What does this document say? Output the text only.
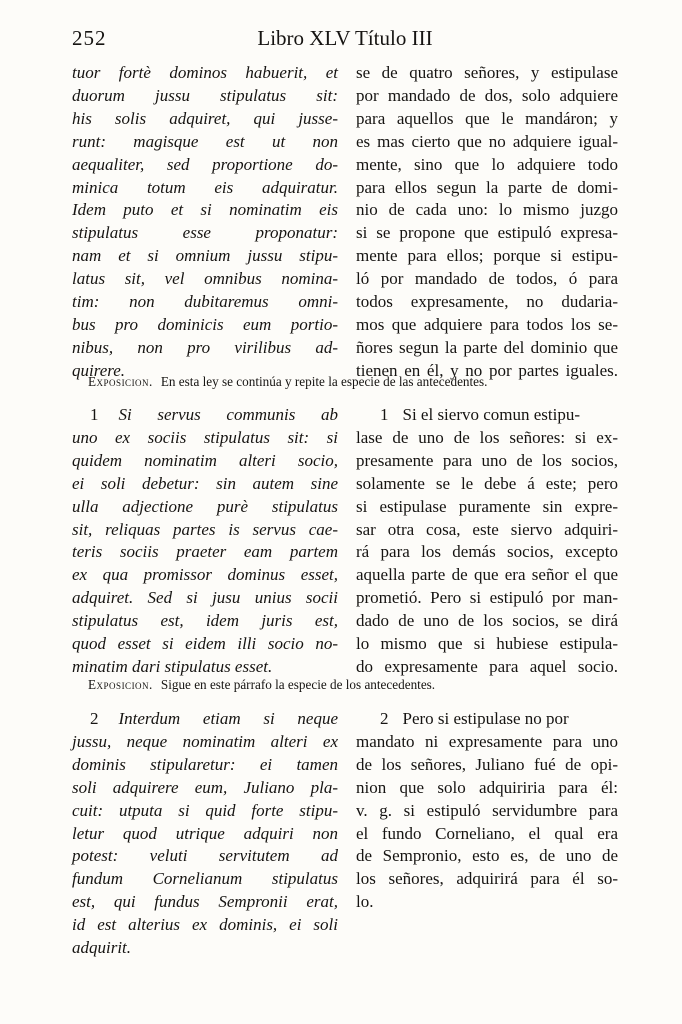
252	Libro XLV Título III
tuor fortè dominos habuerit, et
duorum jussu stipulatus sit:
his solis adquiret, qui jusse-
runt: magisque est ut non
aequaliter, sed proportione do-
minica totum eis adquiratur.
Idem puto et si nominatim eis
stipulatus esse proponatur:
nam et si omnium jussu stipu-
latus sit, vel omnibus nomina-
tim: non dubitaremus omni-
bus pro dominicis eum portio-
nibus, non pro virilibus ad-
quirere.
se de quatro señores, y estipulase
por mandado de dos, solo adquiere
para aquellos que le mandáron; y
es mas cierto que no adquiere igual-
mente, sino que lo adquiere todo
para ellos segun la parte de domi-
nio de cada uno: lo mismo juzgo
si se propone que estipuló expresa-
mente para ellos; porque si estipu-
ló por mandado de todos, ó para
todos expresamente, no dudaria-
mos que adquiere para todos los se-
ñores segun la parte del dominio que
tienen en él, y no por partes iguales.
Exposicion. En esta ley se continúa y repite la especie de las antecedentes.
1 Si servus communis ab
uno ex sociis stipulatus sit: si
quidem nominatim alteri socio,
ei soli debetur: sin autem sine
ulla adjectione purè stipulatus
sit, reliquas partes is servus cae-
teris sociis praeter eam partem
ex qua promissor dominus esset,
adquiret. Sed si jusu unius socii
stipulatus est, idem juris est,
quod esset si eidem illi socio no-
minatim dari stipulatus esset.
1 Si el siervo comun estipu-
lase de uno de los señores: si ex-
presamente para uno de los socios,
solamente se le debe á este; pero
si estipulase puramente sin expre-
sar otra cosa, este siervo adquiri-
rá para los demás socios, excepto
aquella parte de que era señor el que
prometió. Pero si estipuló por man-
dado de uno de los socios, se dirá
lo mismo que si hubiese estipula-
do expresamente para aquel socio.
Exposicion. Sigue en este párrafo la especie de los antecedentes.
2 Interdum etiam si neque
jussu, neque nominatim alteri ex
dominis stipularetur: ei tamen
soli adquirere eum, Juliano pla-
cuit: utputa si quid forte stipu-
letur quod utrique adquiri non
potest: veluti servitutem ad
fundum Cornelianum stipulatus
est, qui fundus Sempronii erat,
id est alterius ex dominis, ei soli
adquirit.
2 Pero si estipulase no por
mandato ni expresamente para uno
de los señores, Juliano fué de opi-
nion que solo adquiriria para él:
v. g. si estipuló servidumbre para
el fundo Corneliano, el qual era
de Sempronio, esto es, de uno de
los señores, adquirirá para él so-
lo.
